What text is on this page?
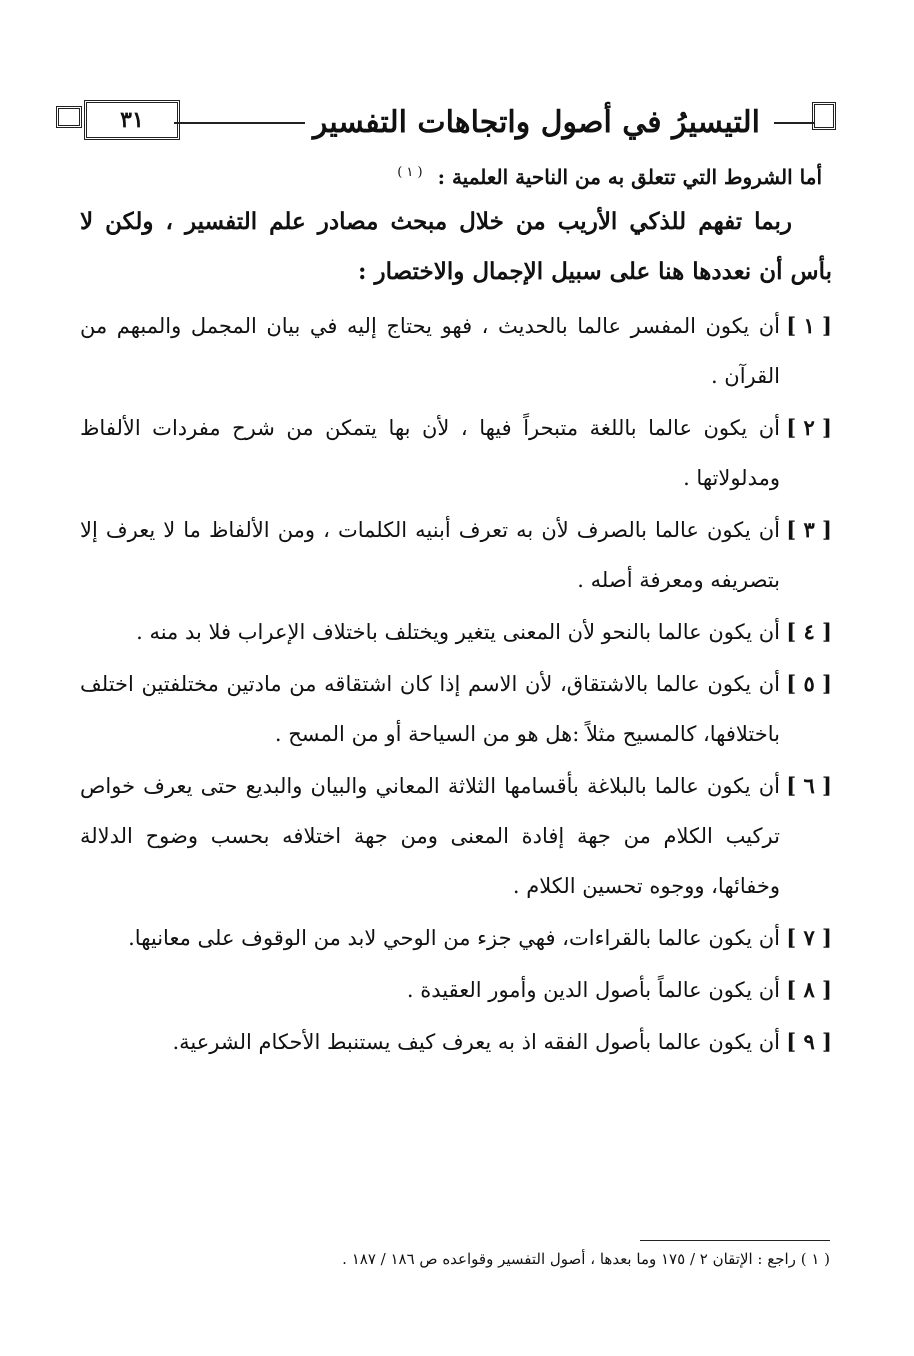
التيسيرُ في أصول واتجاهات التفسير
٣١
أما الشروط التي تتعلق به من الناحية العلمية : $^{( ١ )}$

ربما تفهم للذكي الأريب من خلال مبحث مصادر علم التفسير ، ولكن لا بأس أن نعددها هنا على سبيل الإجمال والاختصار :

[ ١ ]
أن يكون المفسر عالما بالحديث ، فهو يحتاج إليه في بيان المجمل والمبهم من القرآن .
[ ٢ ]
أن يكون عالما باللغة متبحراً فيها ، لأن بها يتمكن من شرح مفردات الألفاظ ومدلولاتها .
[ ٣ ]
أن يكون عالما بالصرف لأن به تعرف أبنيه الكلمات ، ومن الألفاظ ما لا يعرف إلا بتصريفه ومعرفة أصله .
[ ٤ ]
أن يكون عالما بالنحو لأن المعنى يتغير ويختلف باختلاف الإعراب فلا بد منه .
[ ٥ ]
أن يكون عالما بالاشتقاق، لأن الاسم إذا كان اشتقاقه من مادتين مختلفتين اختلف باختلافها، كالمسيح مثلاً :هل هو من السياحة أو من المسح .
[ ٦ ]
أن يكون عالما بالبلاغة بأقسامها الثلاثة المعاني والبيان والبديع حتى يعرف خواص تركيب الكلام من جهة إفادة المعنى ومن جهة اختلافه بحسب وضوح الدلالة وخفائها، ووجوه تحسين الكلام .
[ ٧ ]
أن يكون عالما بالقراءات، فهي جزء من الوحي لابد من الوقوف على معانيها.
[ ٨ ]
أن يكون عالماً بأصول الدين وأمور العقيدة .
[ ٩ ]
أن يكون عالما بأصول الفقه اذ به يعرف كيف يستنبط الأحكام الشرعية.
( ١ ) راجع : الإتقان ٢ / ١٧٥ وما بعدها ، أصول التفسير وقواعده ص ١٨٦ / ١٨٧ .
